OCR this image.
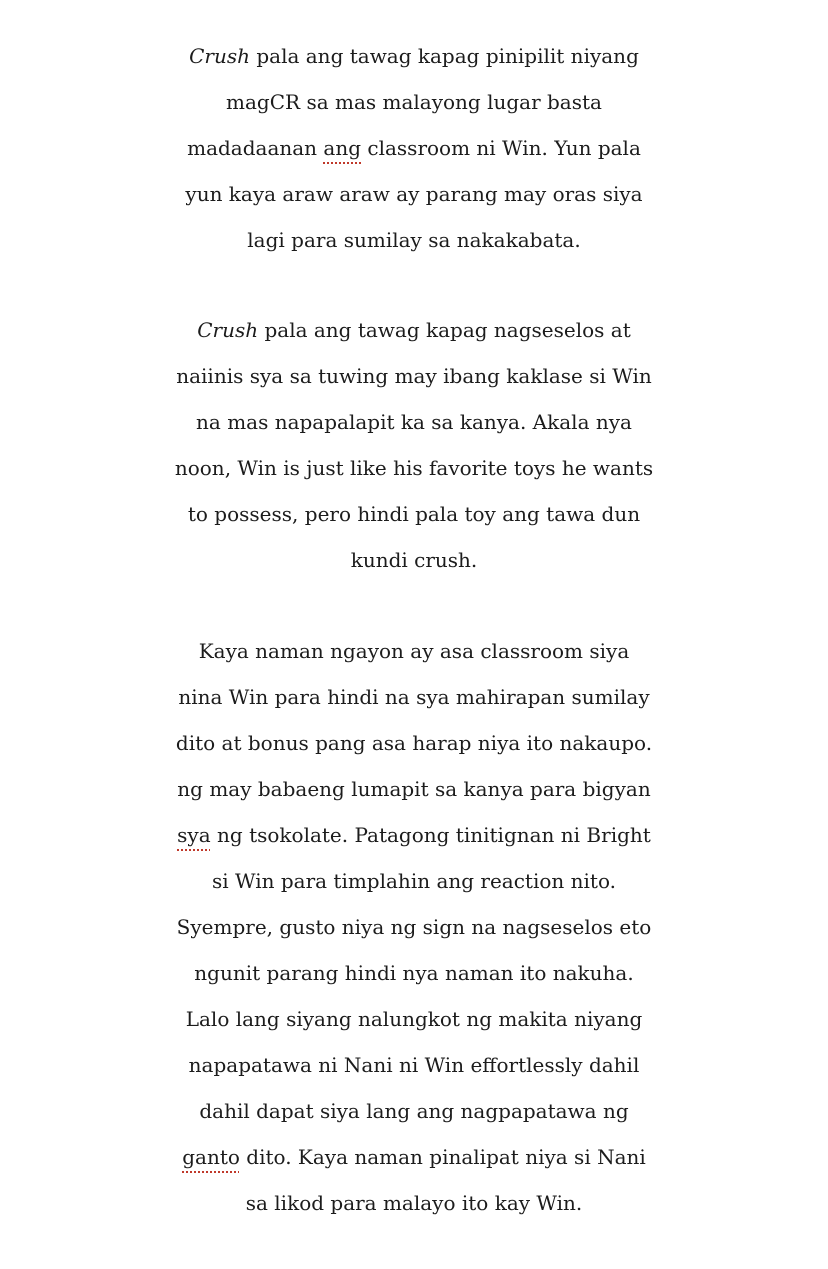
Crush pala ang tawag kapag pinipilit niyang
magCR sa mas malayong lugar basta
madadaanan ang classroom ni Win. Yun pala
yun kaya araw araw ay parang may oras siya
lagi para sumilay sa nakakabata.

Crush pala ang tawag kapag nagseselos at
naiinis sya sa tuwing may ibang kaklase si Win
na mas napapalapit ka sa kanya. Akala nya
noon, Win is just like his favorite toys he wants
to possess, pero hindi pala toy ang tawa dun
kundi crush.

Kaya naman ngayon ay asa classroom siya
nina Win para hindi na sya mahirapan sumilay
dito at bonus pang asa harap niya ito nakaupo.
ng may babaeng lumapit sa kanya para bigyan
sya ng tsokolate. Patagong tinitignan ni Bright
si Win para timplahin ang reaction nito.
Syempre, gusto niya ng sign na nagseselos eto
ngunit parang hindi nya naman ito nakuha.
Lalo lang siyang nalungkot ng makita niyang
napapatawa ni Nani ni Win effortlessly dahil
dahil dapat siya lang ang nagpapatawa ng
ganto dito. Kaya naman pinalipat niya si Nani
sa likod para malayo ito kay Win.
